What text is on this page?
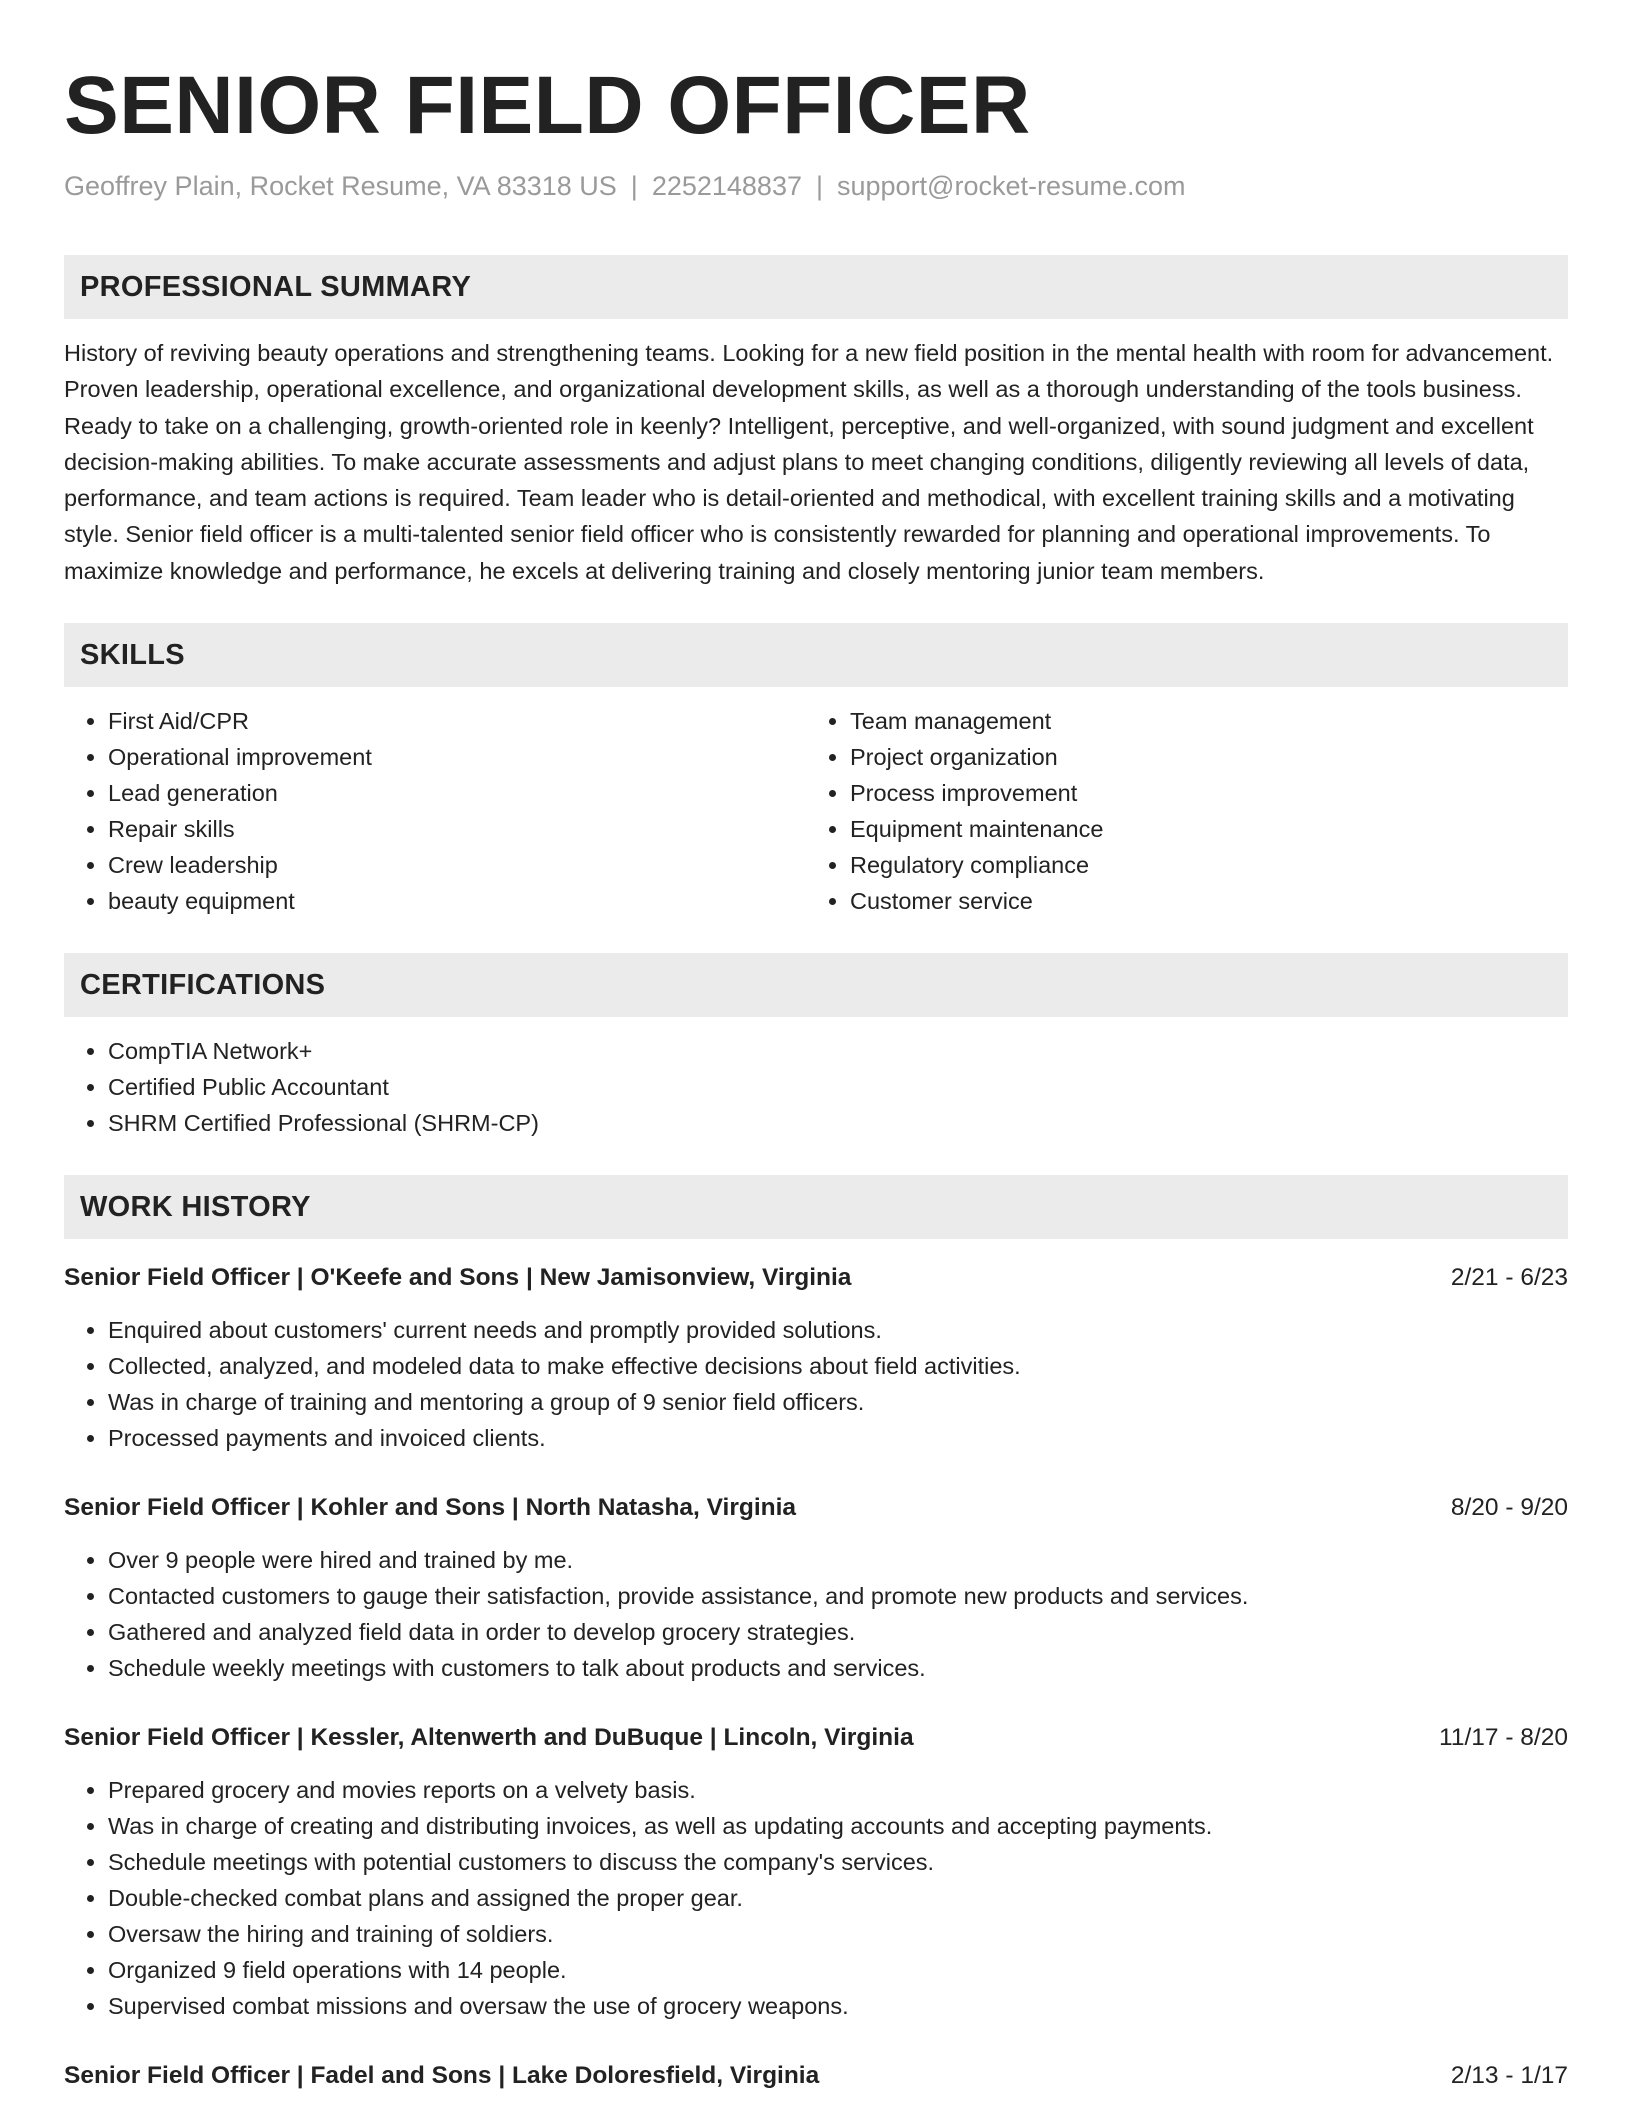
SENIOR FIELD OFFICER
Geoffrey Plain, Rocket Resume, VA 83318 US | 2252148837 | support@rocket-resume.com
PROFESSIONAL SUMMARY
History of reviving beauty operations and strengthening teams. Looking for a new field position in the mental health with room for advancement. Proven leadership, operational excellence, and organizational development skills, as well as a thorough understanding of the tools business. Ready to take on a challenging, growth-oriented role in keenly? Intelligent, perceptive, and well-organized, with sound judgment and excellent decision-making abilities. To make accurate assessments and adjust plans to meet changing conditions, diligently reviewing all levels of data, performance, and team actions is required. Team leader who is detail-oriented and methodical, with excellent training skills and a motivating style. Senior field officer is a multi-talented senior field officer who is consistently rewarded for planning and operational improvements. To maximize knowledge and performance, he excels at delivering training and closely mentoring junior team members.
SKILLS
• First Aid/CPR
• Operational improvement
• Lead generation
• Repair skills
• Crew leadership
• beauty equipment
• Team management
• Project organization
• Process improvement
• Equipment maintenance
• Regulatory compliance
• Customer service
CERTIFICATIONS
• CompTIA Network+
• Certified Public Accountant
• SHRM Certified Professional (SHRM-CP)
WORK HISTORY
Senior Field Officer | O'Keefe and Sons | New Jamisonview, Virginia	2/21 - 6/23
• Enquired about customers' current needs and promptly provided solutions.
• Collected, analyzed, and modeled data to make effective decisions about field activities.
• Was in charge of training and mentoring a group of 9 senior field officers.
• Processed payments and invoiced clients.
Senior Field Officer | Kohler and Sons | North Natasha, Virginia	8/20 - 9/20
• Over 9 people were hired and trained by me.
• Contacted customers to gauge their satisfaction, provide assistance, and promote new products and services.
• Gathered and analyzed field data in order to develop grocery strategies.
• Schedule weekly meetings with customers to talk about products and services.
Senior Field Officer | Kessler, Altenwerth and DuBuque | Lincoln, Virginia	11/17 - 8/20
• Prepared grocery and movies reports on a velvety basis.
• Was in charge of creating and distributing invoices, as well as updating accounts and accepting payments.
• Schedule meetings with potential customers to discuss the company's services.
• Double-checked combat plans and assigned the proper gear.
• Oversaw the hiring and training of soldiers.
• Organized 9 field operations with 14 people.
• Supervised combat missions and oversaw the use of grocery weapons.
Senior Field Officer | Fadel and Sons | Lake Doloresfield, Virginia	2/13 - 1/17
